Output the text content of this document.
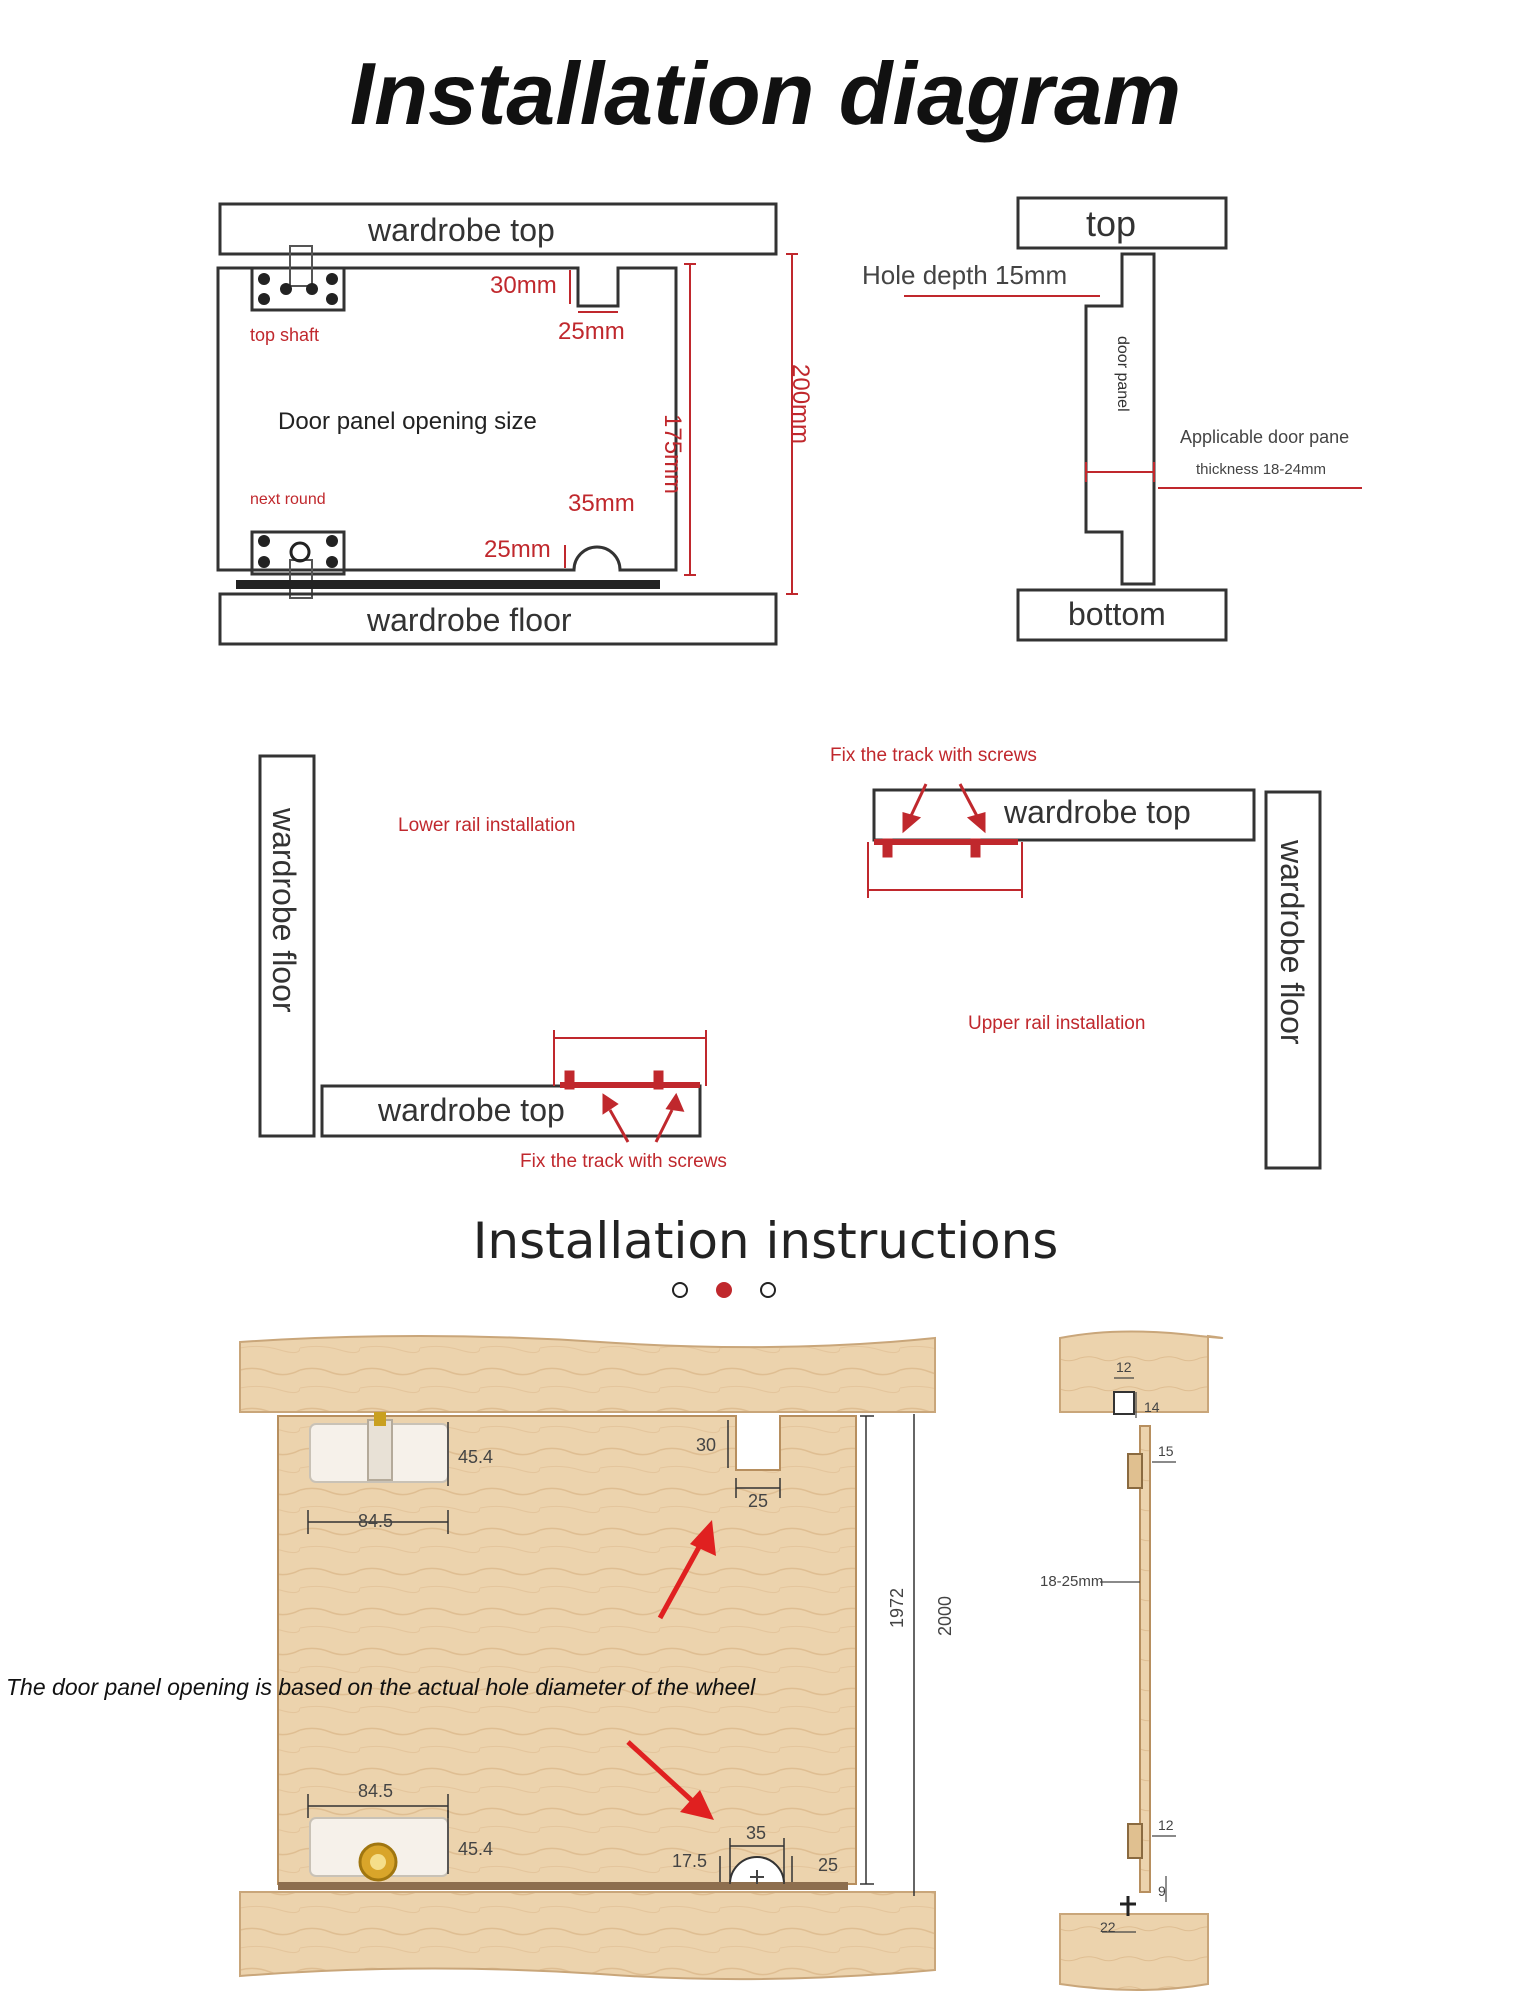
Installation diagram
wardrobe top
wardrobe floor
top shaft
next round
Door panel opening size
30mm
25mm
35mm
25mm
175mm
200mm
top
bottom
Hole depth 15mm
door panel
Applicable door pane
thickness 18-24mm
wardrobe floor
wardrobe top
Lower rail installation
Fix the track with screws
Fix the track with screws
wardrobe top
Upper rail installation	wardrobe floor
Installation instructions
45.4
84.5
30
25
1972 2000
84.5
45.4
35
17.5	25
The door panel opening is based on the actual hole diameter of the wheel
12
14
15
18-25mm
12
9
22
